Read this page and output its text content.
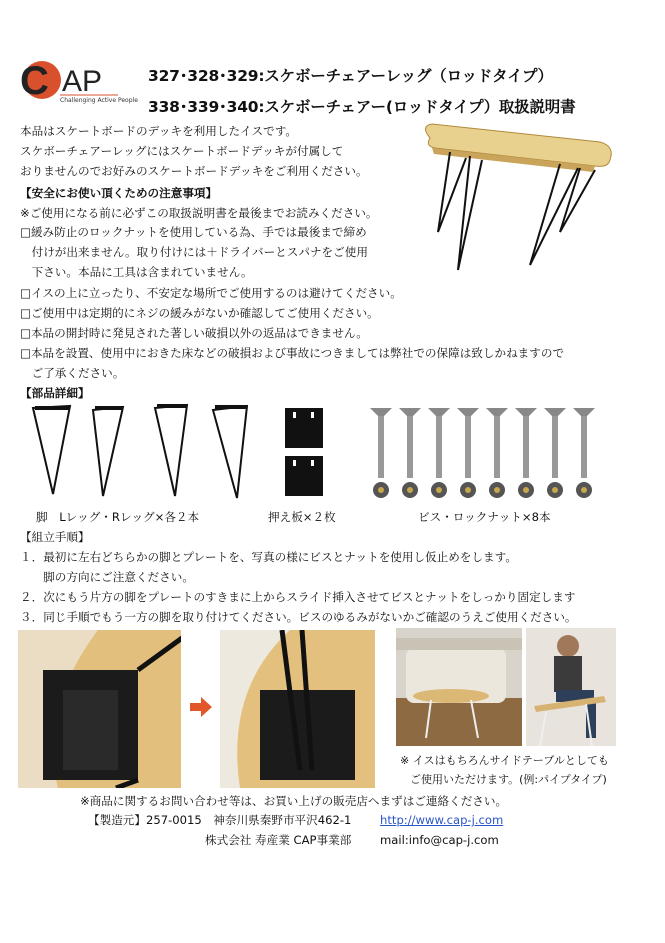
C AP
Challenging Active People
327･328･329:スケボーチェアーレッグ（ロッドタイプ）
338･339･340:スケボーチェアー(ロッドタイプ）取扱説明書
本品はスケートボードのデッキを利用したイスです。
スケボーチェアーレッグにはスケートボードデッキが付属して
おりませんのでお好みのスケートボードデッキをご利用ください。
【安全にお使い頂くための注意事項】
※ご使用になる前に必ずこの取扱説明書を最後までお読みください。
□緩み防止のロックナットを使用している為、手では最後まで締め
　付けが出来ません。取り付けには＋ドライバーとスパナをご使用
　下さい。本品に工具は含まれていません。
□イスの上に立ったり、不安定な場所でご使用するのは避けてください。
□ご使用中は定期的にネジの緩みがないか確認してご使用ください。
□本品の開封時に発見された著しい破損以外の返品はできません。
□本品を設置、使用中におきた床などの破損および事故につきましては弊社での保障は致しかねますので
　ご了承ください。
【部品詳細】
脚　Lレッグ・Rレッグ×各２本	押え板×２枚	ビス・ロックナット×8本
【組立手順】
１．最初に左右どちらかの脚とプレートを、写真の様にビスとナットを使用し仮止めをします。
　　脚の方向にご注意ください。
２．次にもう片方の脚をプレートのすきまに上からスライド挿入させてビスとナットをしっかり固定します
３．同じ手順でもう一方の脚を取り付けてください。ビスのゆるみがないかご確認のうえご使用ください。
※ イスはもちろんサイドテーブルとしても
ご使用いただけます。(例:パイプタイプ)
※商品に関するお問い合わせ等は、お買い上げの販売店へまずはご連絡ください。
【製造元】257-0015　神奈川県秦野市平沢462-1 http://www.cap-j.com
株式会社 寿産業 CAP事業部 mail:info@cap-j.com
